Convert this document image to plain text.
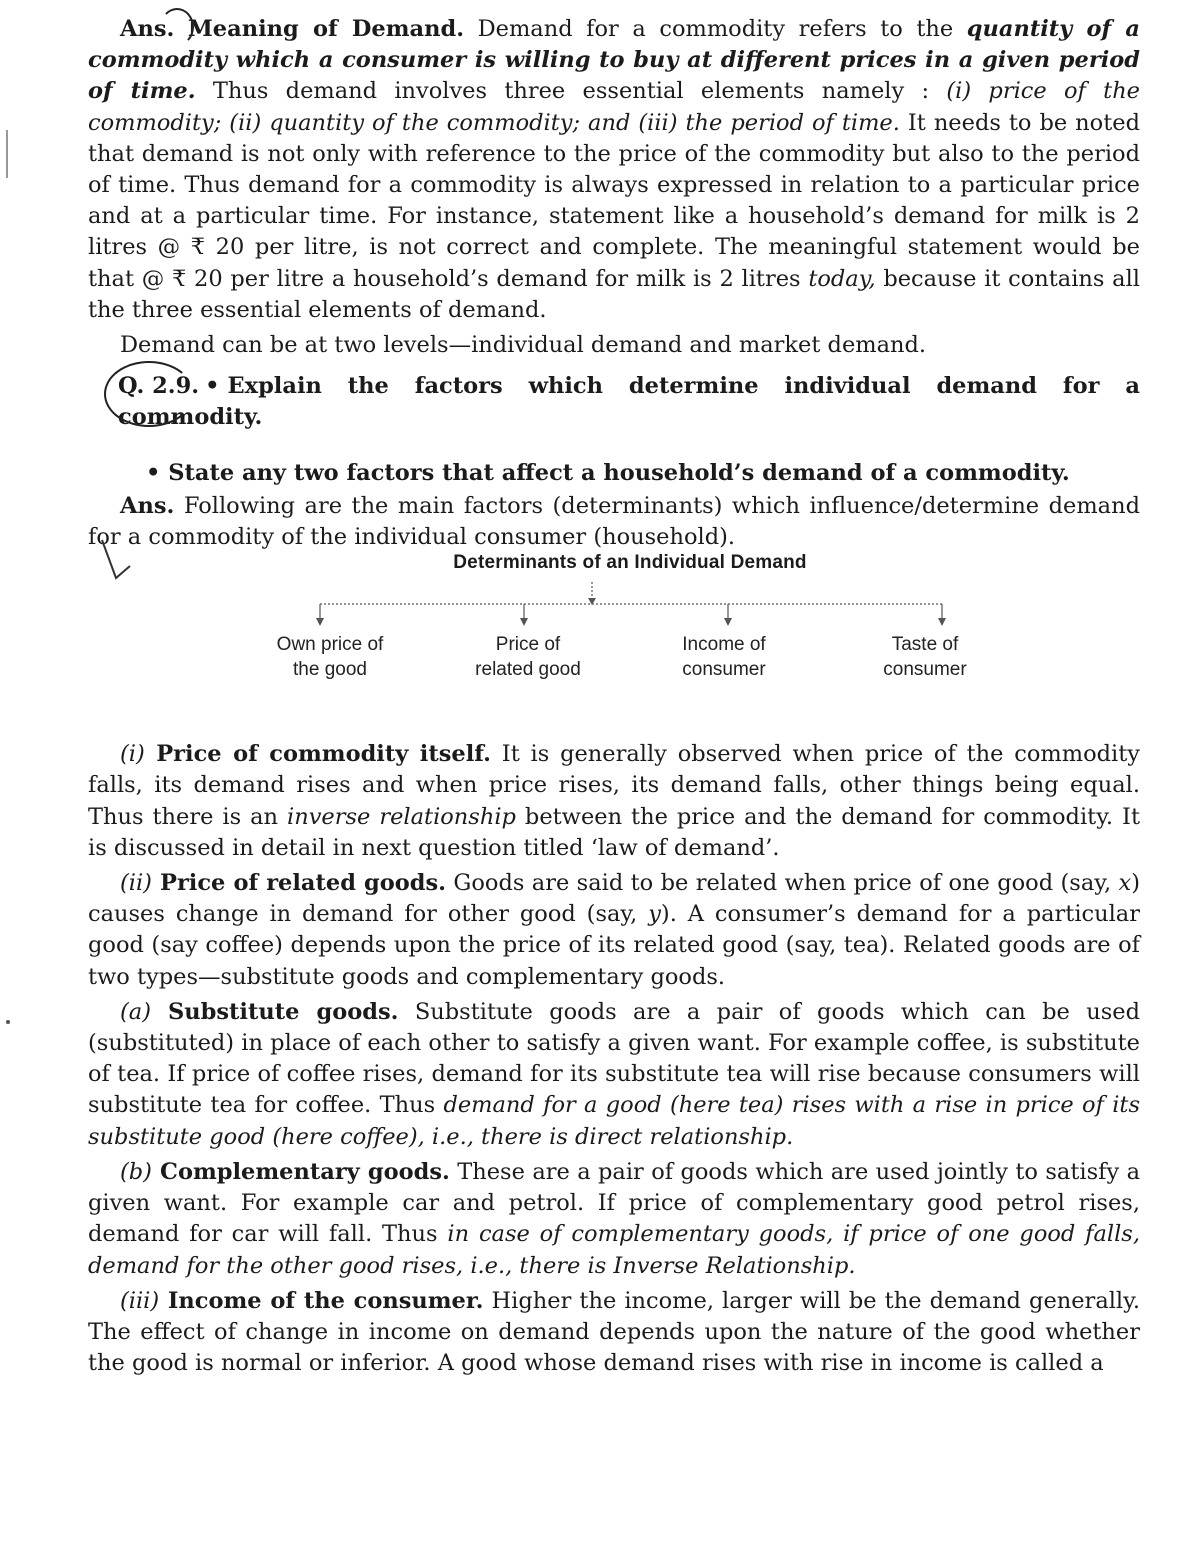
Ans. Meaning of Demand. Demand for a commodity refers to the quantity of a commodity which a consumer is willing to buy at different prices in a given period of time. Thus demand involves three essential elements namely : (i) price of the commodity; (ii) quantity of the commodity; and (iii) the period of time. It needs to be noted that demand is not only with reference to the price of the commodity but also to the period of time. Thus demand for a commodity is always expressed in relation to a particular price and at a particular time. For instance, statement like a household’s demand for milk is 2 litres @ ₹ 20 per litre, is not correct and complete. The meaningful statement would be that @ ₹ 20 per litre a household’s demand for milk is 2 litres today, because it contains all the three essential elements of demand.

Demand can be at two levels—individual demand and market demand.

Q. 2.9. • Explain the factors which determine individual demand for a commodity.

• State any two factors that affect a household’s demand of a commodity.

Ans. Following are the main factors (determinants) which influence/determine demand for a commodity of the individual consumer (household).

(i) Price of commodity itself. It is generally observed when price of the commodity falls, its demand rises and when price rises, its demand falls, other things being equal. Thus there is an inverse relationship between the price and the demand for commodity. It is discussed in detail in next question titled ‘law of demand’.

(ii) Price of related goods. Goods are said to be related when price of one good (say, x) causes change in demand for other good (say, y). A consumer’s demand for a particular good (say coffee) depends upon the price of its related good (say, tea). Related goods are of two types—substitute goods and complementary goods.

(a) Substitute goods. Substitute goods are a pair of goods which can be used (substituted) in place of each other to satisfy a given want. For example coffee, is substitute of tea. If price of coffee rises, demand for its substitute tea will rise because consumers will substitute tea for coffee. Thus demand for a good (here tea) rises with a rise in price of its substitute good (here coffee), i.e., there is direct relationship.

(b) Complementary goods. These are a pair of goods which are used jointly to satisfy a given want. For example car and petrol. If price of complementary good petrol rises, demand for car will fall. Thus in case of complementary goods, if price of one good falls, demand for the other good rises, i.e., there is Inverse Relationship.

(iii) Income of the consumer. Higher the income, larger will be the demand generally. The effect of change in income on demand depends upon the nature of the good whether the good is normal or inferior. A good whose demand rises with rise in income is called a

Determinants of an Individual Demand
Own price of
the good
Price of
related good
Income of
consumer
Taste of
consumer
